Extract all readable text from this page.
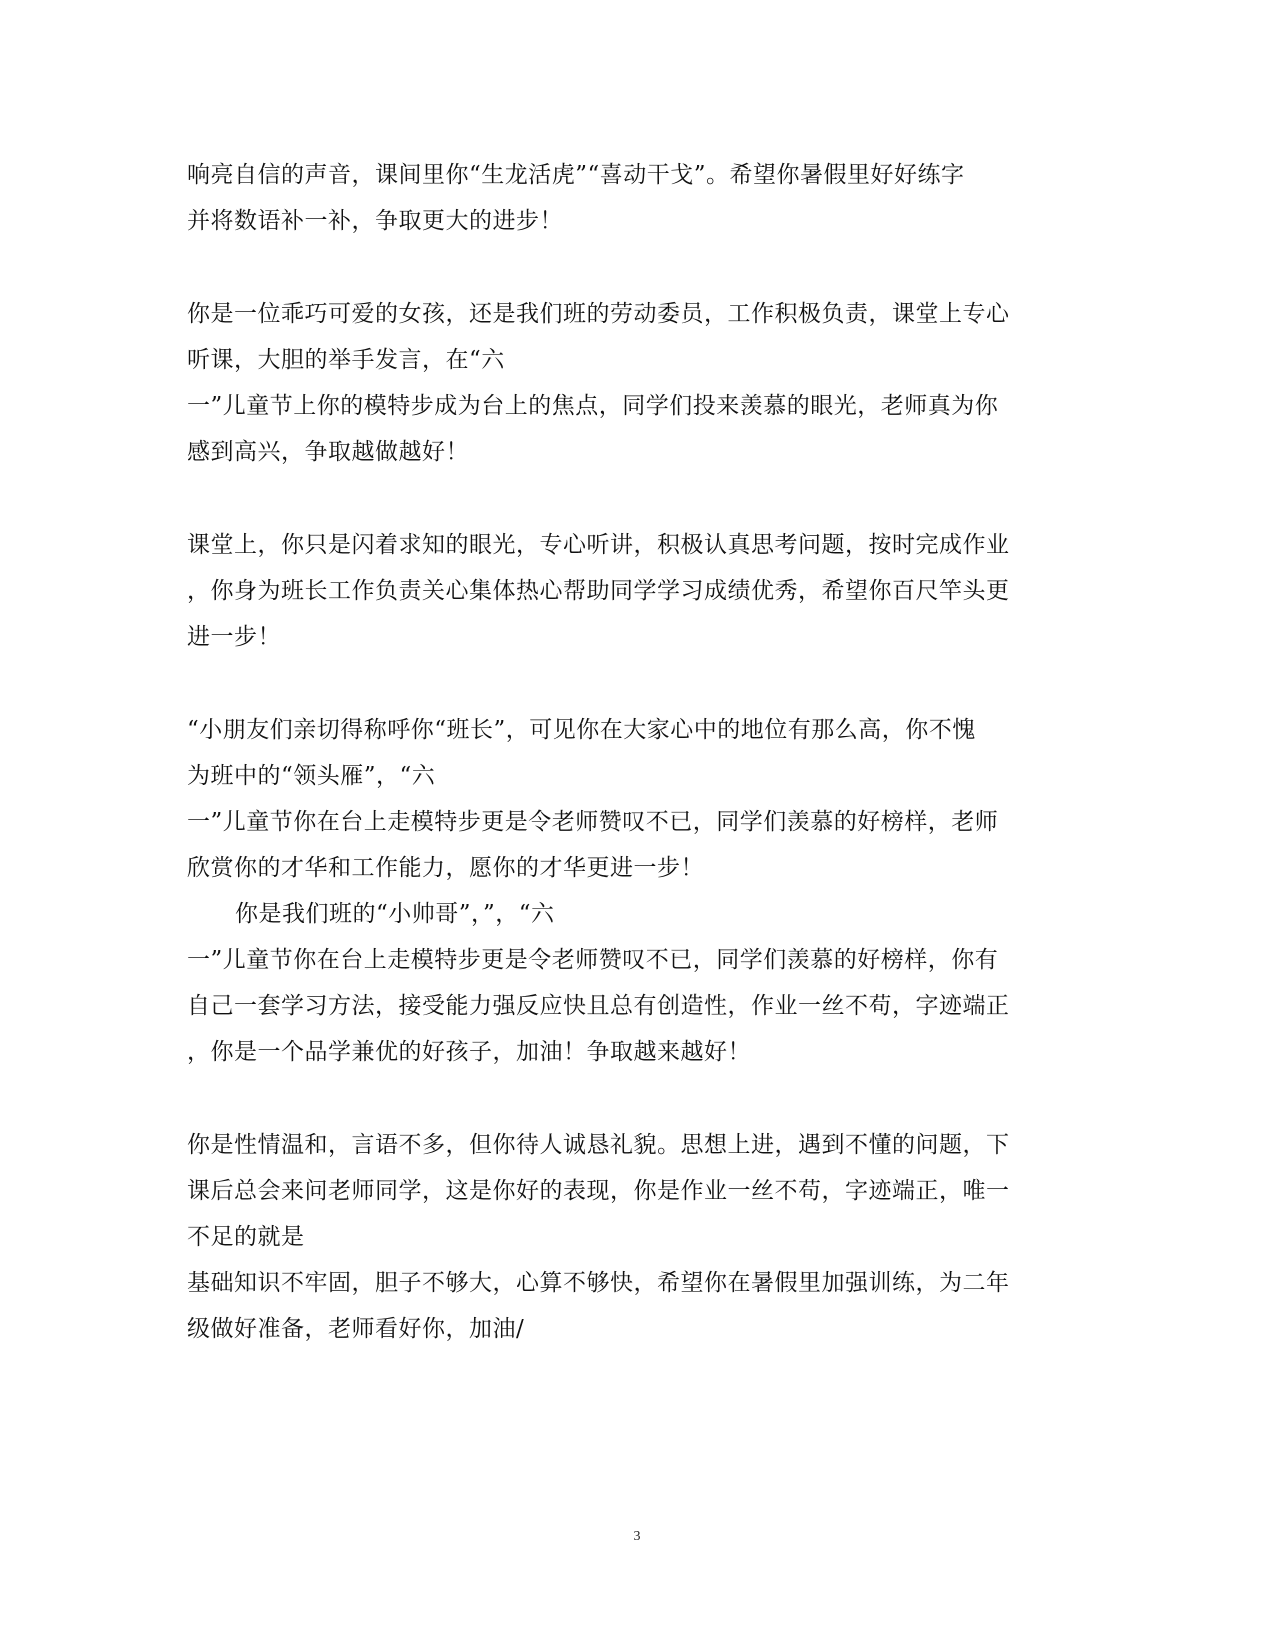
响亮自信的声音，课间里你“生龙活虎”“喜动干戈”。希望你暑假里好好练字
并将数语补一补，争取更大的进步！
你是一位乖巧可爱的女孩，还是我们班的劳动委员，工作积极负责，课堂上专心
听课，大胆的举手发言，在“六
一”儿童节上你的模特步成为台上的焦点，同学们投来羡慕的眼光，老师真为你
感到高兴，争取越做越好！
课堂上，你只是闪着求知的眼光，专心听讲，积极认真思考问题，按时完成作业
，你身为班长工作负责关心集体热心帮助同学学习成绩优秀，希望你百尺竿头更
进一步！
“小朋友们亲切得称呼你“班长”，可见你在大家心中的地位有那么高，你不愧
为班中的“领头雁”，“六
一”儿童节你在台上走模特步更是令老师赞叹不已，同学们羡慕的好榜样，老师
欣赏你的才华和工作能力，愿你的才华更进一步！
你是我们班的“小帅哥”，”，“六
一”儿童节你在台上走模特步更是令老师赞叹不已，同学们羡慕的好榜样，你有
自己一套学习方法，接受能力强反应快且总有创造性，作业一丝不苟，字迹端正
，你是一个品学兼优的好孩子，加油！争取越来越好！
你是性情温和，言语不多，但你待人诚恳礼貌。思想上进，遇到不懂的问题，下
课后总会来问老师同学，这是你好的表现，你是作业一丝不苟，字迹端正，唯一
不足的就是
基础知识不牢固，胆子不够大，心算不够快，希望你在暑假里加强训练，为二年
级做好准备，老师看好你，加油/
3
